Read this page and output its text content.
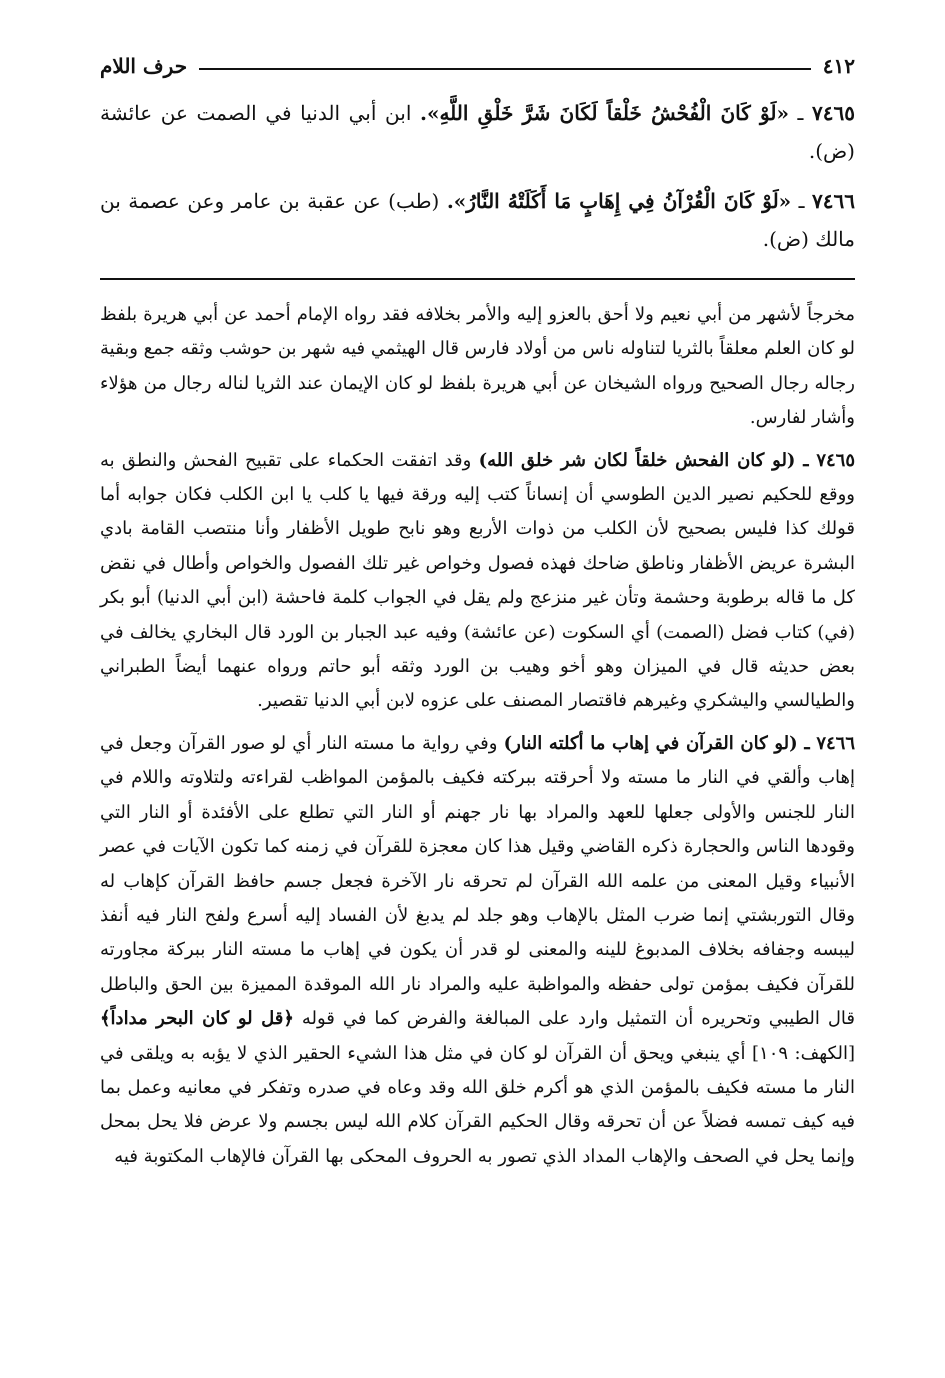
٤١٢
حرف اللام

٧٤٦٥ ـ «لَوْ كَانَ الْفُحْشُ خَلْقاً لَكَانَ شَرَّ خَلْقِ اللَّهِ». ابن أبي الدنيا في الصمت عن عائشة (ض).

٧٤٦٦ ـ «لَوْ كَانَ الْقُرْآنُ فِي إِهَابٍ مَا أَكَلَتْهُ النَّارُ». (طب) عن عقبة بن عامر وعن عصمة بن مالك (ض).

مخرجاً لأشهر من أبي نعيم ولا أحق بالعزو إليه والأمر بخلافه فقد رواه الإمام أحمد عن أبي هريرة بلفظ لو كان العلم معلقاً بالثريا لتناوله ناس من أولاد فارس قال الهيثمي فيه شهر بن حوشب وثقه جمع وبقية رجاله رجال الصحيح ورواه الشيخان عن أبي هريرة بلفظ لو كان الإيمان عند الثريا لناله رجال من هؤلاء وأشار لفارس.

٧٤٦٥ ـ (لو كان الفحش خلقاً لكان شر خلق الله) وقد اتفقت الحكماء على تقبيح الفحش والنطق به ووقع للحكيم نصير الدين الطوسي أن إنساناً كتب إليه ورقة فيها يا كلب يا ابن الكلب فكان جوابه أما قولك كذا فليس بصحيح لأن الكلب من ذوات الأربع وهو نابح طويل الأظفار وأنا منتصب القامة بادي البشرة عريض الأظفار وناطق ضاحك فهذه فصول وخواص غير تلك الفصول والخواص وأطال في نقض كل ما قاله برطوبة وحشمة وتأن غير منزعج ولم يقل في الجواب كلمة فاحشة (ابن أبي الدنيا) أبو بكر (في) كتاب فضل (الصمت) أي السكوت (عن عائشة) وفيه عبد الجبار بن الورد قال البخاري يخالف في بعض حديثه قال في الميزان وهو أخو وهيب بن الورد وثقه أبو حاتم ورواه عنهما أيضاً الطبراني والطيالسي واليشكري وغيرهم فاقتصار المصنف على عزوه لابن أبي الدنيا تقصير.

٧٤٦٦ ـ (لو كان القرآن في إهاب ما أكلته النار) وفي رواية ما مسته النار أي لو صور القرآن وجعل في إهاب وألقي في النار ما مسته ولا أحرقته ببركته فكيف بالمؤمن المواظب لقراءته ولتلاوته واللام في النار للجنس والأولى جعلها للعهد والمراد بها نار جهنم أو النار التي تطلع على الأفئدة أو النار التي وقودها الناس والحجارة ذكره القاضي وقيل هذا كان معجزة للقرآن في زمنه كما تكون الآيات في عصر الأنبياء وقيل المعنى من علمه الله القرآن لم تحرقه نار الآخرة فجعل جسم حافظ القرآن كإهاب له وقال التوربشتي إنما ضرب المثل بالإهاب وهو جلد لم يدبغ لأن الفساد إليه أسرع ولفح النار فيه أنفذ ليبسه وجفافه بخلاف المدبوغ للينه والمعنى لو قدر أن يكون في إهاب ما مسته النار ببركة مجاورته للقرآن فكيف بمؤمن تولى حفظه والمواظبة عليه والمراد نار الله الموقدة المميزة بين الحق والباطل قال الطيبي وتحريره أن التمثيل وارد على المبالغة والفرض كما في قوله ﴿قل لو كان البحر مداداً﴾ [الكهف: ١٠٩] أي ينبغي ويحق أن القرآن لو كان في مثل هذا الشيء الحقير الذي لا يؤبه به ويلقى في النار ما مسته فكيف بالمؤمن الذي هو أكرم خلق الله وقد وعاه في صدره وتفكر في معانيه وعمل بما فيه كيف تمسه فضلاً عن أن تحرقه وقال الحكيم القرآن كلام الله ليس بجسم ولا عرض فلا يحل بمحل وإنما يحل في الصحف والإهاب المداد الذي تصور به الحروف المحكى بها القرآن فالإهاب المكتوبة فيه
